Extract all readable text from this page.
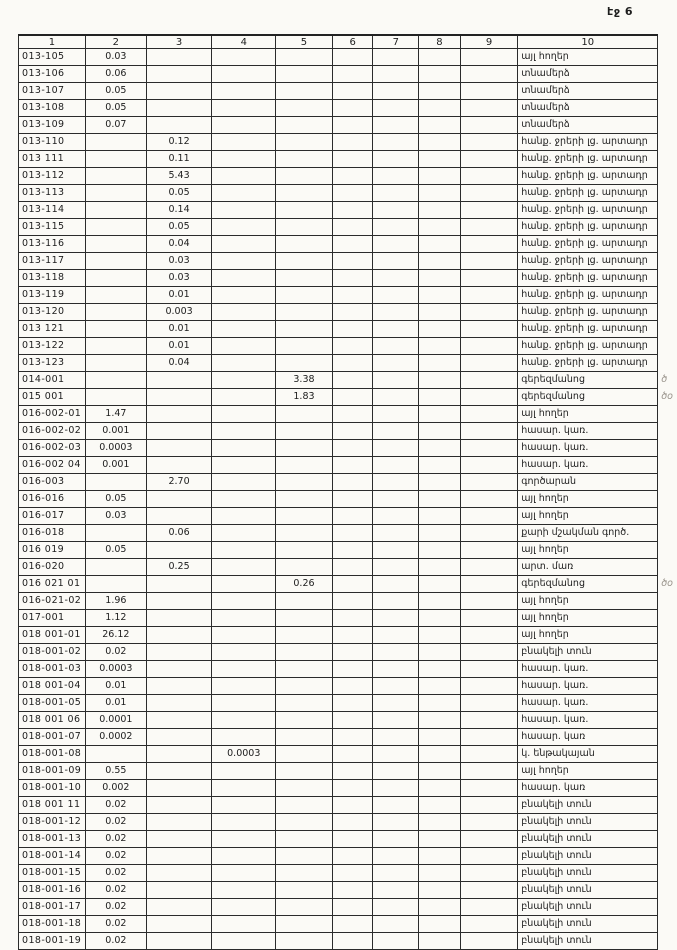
էջ 6
1	2	3	4	5	6	7	8	9	10	
013-105	0.03								այլ հողեր	
013-106	0.06								տնամերձ	
013-107	0.05								տնամերձ	
013-108	0.05								տնամերձ	
013-109	0.07								տնամերձ	
013-110		0.12							հանք. ջրերի լց. արտադր	
013 111		0.11							հանք. ջրերի լց. արտադր	
013-112		5.43							հանք. ջրերի լց. արտադր	
013-113		0.05							հանք. ջրերի լց. արտադր	
013-114		0.14							հանք. ջրերի լց. արտադր	
013-115		0.05							հանք. ջրերի լց. արտադր	
013-116		0.04							հանք. ջրերի լց. արտադր	
013-117		0.03							հանք. ջրերի լց. արտադր	
013-118		0.03							հանք. ջրերի լց. արտադր	
013-119		0.01							հանք. ջրերի լց. արտադր	
013-120		0.003							հանք. ջրերի լց. արտադր	
013 121		0.01							հանք. ջրերի լց. արտադր	
013-122		0.01							հանք. ջրերի լց. արտադր	
013-123		0.04							հանք. ջրերի լց. արտադր	
014-001				3.38					գերեզմանոց	ծ
015 001				1.83					գերեզմանոց	ծօ
016-002-01	1.47								այլ հողեր	
016-002-02	0.001								հասար. կառ.	
016-002-03	0.0003								հասար. կառ.	
016-002 04	0.001								հասար. կառ.	
016-003		2.70							գործարան	
016-016	0.05								այլ հողեր	
016-017	0.03								այլ հողեր	
016-018		0.06							քարի մշակման գործ.	
016 019	0.05								այլ հողեր	
016-020		0.25							արտ. մառ	
016 021 01				0.26					գերեզմանոց	ծօ
016-021-02	1.96								այլ հողեր	
017-001	1.12								այլ հողեր	
018 001-01	26.12								այլ հողեր	
018-001-02	0.02								բնակելի տուն	
018-001-03	0.0003								հասար. կառ.	
018 001-04	0.01								հասար. կառ.	
018-001-05	0.01								հասար. կառ.	
018 001 06	0.0001								հասար. կառ.	
018-001-07	0.0002								հասար. կառ	
018-001-08			0.0003						կ. ենթակայան	
018-001-09	0.55								այլ հողեր	
018-001-10	0.002								հասար. կառ	
018 001 11	0.02								բնակելի տուն	
018-001-12	0.02								բնակելի տուն	
018-001-13	0.02								բնակելի տուն	
018-001-14	0.02								բնակելի տուն	
018-001-15	0.02								բնակելի տուն	
018-001-16	0.02								բնակելի տուն	
018-001-17	0.02								բնակելի տուն	
018-001-18	0.02								բնակելի տուն	
018-001-19	0.02								բնակելի տուն	
